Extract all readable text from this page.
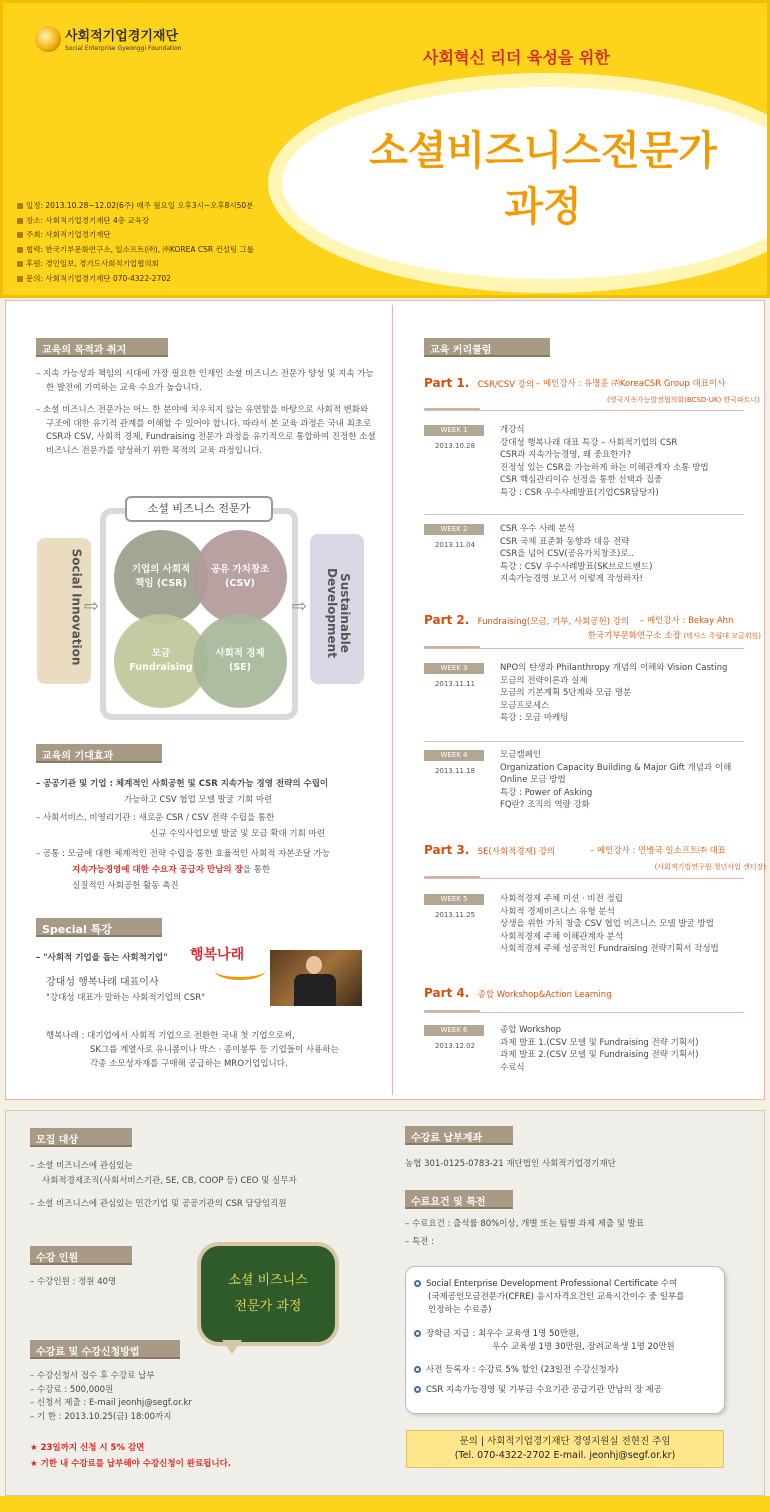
사회적기업경기재단
Social Enterprise Gyeonggi Foundation	사회혁신 리더 육성을 위한
소셜비즈니스전문가
과정
일정: 2013.10.28~12.02(6주) 매주 월요일 오후3시~오후8시50분
장소: 사회적기업경기재단 4층 교육장
주최: 사회적기업경기재단
협력: 한국기부문화연구소, 일소프트(㈜), ㈜KOREA CSR 컨설팅 그룹
후원: 경인일보, 경기도사회적기업협의회
문의: 사회적기업경기재단 070-4322-2702
교육의 목적과 취지
– 지속 가능성과 책임의 시대에 가장 필요한 인재인 소셜 비즈니스 전문가 양성 및 지속 가능한 발전에 기여하는 교육 수요가 높습니다.
– 소셜 비즈니스 전문가는 어느 한 분야에 치우치지 않는 유연함을 바탕으로 사회적 변화와 구조에 대한 유기적 관계를 이해할 수 있어야 합니다. 따라서 본 교육 과정은 국내 최초로 CSR과 CSV, 사회적 경제, Fundraising 전문가 과정을 유기적으로 통합하여 진정한 소셜 비즈니스 전문가를 양성하기 위한 목적의 교육 과정입니다.
Social Innovation ⇨
소셜 비즈니스 전문가
기업의 사회적 책임 (CSR)
공유 가치창조 (CSV)
모금 Fundraising
사회적 경제 (SE)
⇨	Sustainable Development
교육의 기대효과
– 공공기관 및 기업 : 체계적인 사회공헌 및 CSR 지속가능 경영 전략의 수립이
가능하고 CSV 협업 모델 발굴 기회 마련
– 사회서비스, 비영리기관 : 새로운 CSR / CSV 전략 수립을 통한
신규 수익사업모델 발굴 및 모금 확대 기회 마련
– 공통 : 모금에 대한 체계적인 전략 수립을 통한 효율적인 사회적 자본조달 가능
지속가능경영에 대한 수요자 공급자 만남의 장을 통한
실질적인 사회공헌 활동 촉진
Special 특강
– "사회적 기업을 돕는 사회적기업"	행복나래
강대성 행복나래 대표이사
"강대성 대표가 말하는 사회적기업의 CSR"
행복나래 : 대기업에서 사회적 기업으로 전환한 국내 첫 기업으로써,
SK그룹 계열사로 유니폼이나 박스 · 종이봉투 등 기업들이 사용하는
각종 소모성자재를 구매해 공급하는 MRO기업입니다.
교육 커리큘럼
Part 1. CSR/CSV 강의 – 메인강사 : 유명훈 ㈜KoreaCSR Group 대표이사
(영국지속가능발전협의회(BCSD-UK) 한국파트너)
Part 2. Fundraising(모금, 기부, 사회공헌) 강의 – 메인강사 : Bekay Ahn
한국기부문화연구소 소장 (텍사스 주립대 모금위원)
Part 3. SE(사회적경제) 강의	– 메인강사 : 민병국 일소프트㈜ 대표
(사회적기업연구원 청년사업 센터장)
Part 4. 종합 Workshop&Action Learning
WEEK 1
2013.10.28
개강식
강대성 행복나래 대표 특강 – 사회적기업의 CSR
CSR과 지속가능경영, 왜 중요한가?
진정성 있는 CSR을 가능하게 하는 이해관계자 소통 방법
CSR 핵심관리이슈 선정을 통한 선택과 집중
특강 : CSR 우수사례발표(기업CSR담당자)
WEEK 2
2013.11.04
CSR 우수 사례 분석
CSR 국제 표준화 동향과 대응 전략
CSR을 넘어 CSV(공유가치창조)로..
특강 : CSV 우수사례발표(SK브로드밴드)
지속가능경영 보고서 이렇게 작성하자!
WEEK 3
2013.11.11
NPO의 탄생과 Philanthropy 개념의 이해와 Vision Casting
모금의 전략이론과 실제
모금의 기본계획 5단계와 모금 명분
모금프로세스
특강 : 모금 마케팅
WEEK 4
2013.11.18
모금캠페인
Organization Capacity Building & Major Gift 개념과 이해
Online 모금 방법
특강 : Power of Asking
FQ란? 조직의 역량 강화
WEEK 5
2013.11.25
사회적경제 주체 미션 · 비전 정립
사회적 경제비즈니스 유형 분석
상생을 위한 가치 창출 CSV 협업 비즈니스 모델 발굴 방법
사회적경제 주체 이해관계자 분석
사회적경제 주체 성공적인 Fundraising 전략기획서 작성법
WEEK 6
2013.12.02
종합 Workshop
과제 발표 1.(CSV 모델 및 Fundraising 전략 기획서)
과제 발표 2.(CSV 모델 및 Fundraising 전략 기획서)
수료식
모집 대상
– 소셜 비즈니스에 관심있는
사회적경제조직(사회서비스기관, SE, CB, COOP 등) CEO 및 실무자
– 소셜 비즈니스에 관심있는 민간기업 및 공공기관의 CSR 담당임직원
수강 인원
– 수강인원 : 정원 40명	소셜 비즈니스
전문가 과정
수강료 및 수강신청방법
– 수강신청서 접수 후 수강료 납부
– 수강료 : 500,000원
– 신청서 제출 : E-mail jeonhj@segf.or.kr
– 기 한 : 2013.10.25(금) 18:00까지
★ 23일까지 신청 시 5% 감면
★ 기한 내 수강료를 납부해야 수강신청이 완료됩니다.
수강료 납부계좌
농협 301-0125-0783-21 재단법인 사회적기업경기재단
수료요건 및 특전
– 수료요건 : 출석률 80%이상, 개별 또는 팀별 과제 제출 및 발표
– 특전 :
Social Enterprise Development Professional Certificate 수여
(국제공인모금전문가(CFRE) 응시자격요건인 교육시간이수 중 일부를
인정하는 수료증)
장학금 지급 : 최우수 교육생 1명 50만원,
우수 교육생 1명 30만원, 장려교육생 1명 20만원
사전 등록자 : 수강료 5% 할인 (23일전 수강신청자)
CSR 지속가능경영 및 기부금 수요기관 공급기관 만남의 장 제공
문의 | 사회적기업경기재단 경영지원실 전현진 주임
(Tel. 070-4322-2702 E-mail. jeonhj@segf.or.kr)
